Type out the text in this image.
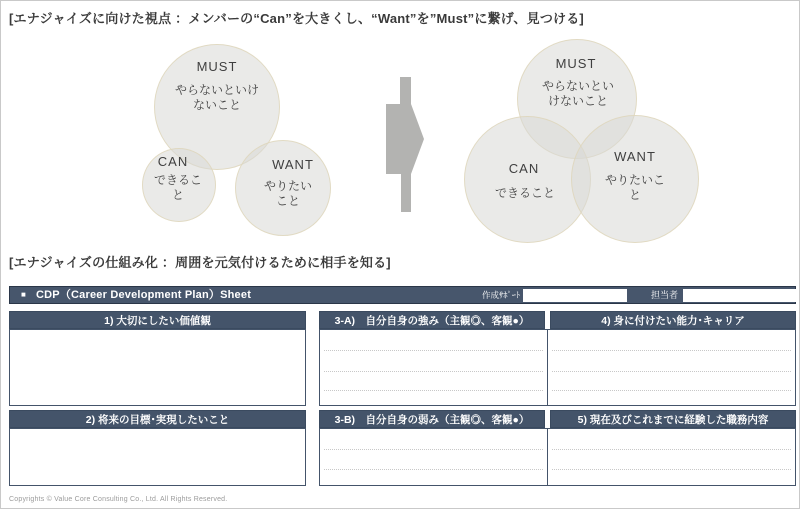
[エナジャイズに向けた視点 ：メンバーの“Can”を大きくし、“Want”を”Must”に繋げ、見つける]
MUST
やらないといけないこと
CAN
できること
WANT
やりたいこと
MUST
やらないといけないこと
CAN
できること
WANT
やりたいこと
[エナジャイズの仕組み化 ：周囲を元気付けるために相手を知る]
■ CDP（Career Development Plan）Sheet	作成ｻﾎﾟｰﾄ	担当者
1) 大切にしたい価値観
2) 将来の目標･実現したいこと
3-A)　自分自身の強み（主観◎、客観●）	4) 身に付けたい能力･キャリア
3-B)　自分自身の弱み（主観◎、客観●）	5) 現在及びこれまでに経験した職務内容
Copyrights © Value Core Consulting Co., Ltd. All Rights Reserved.
